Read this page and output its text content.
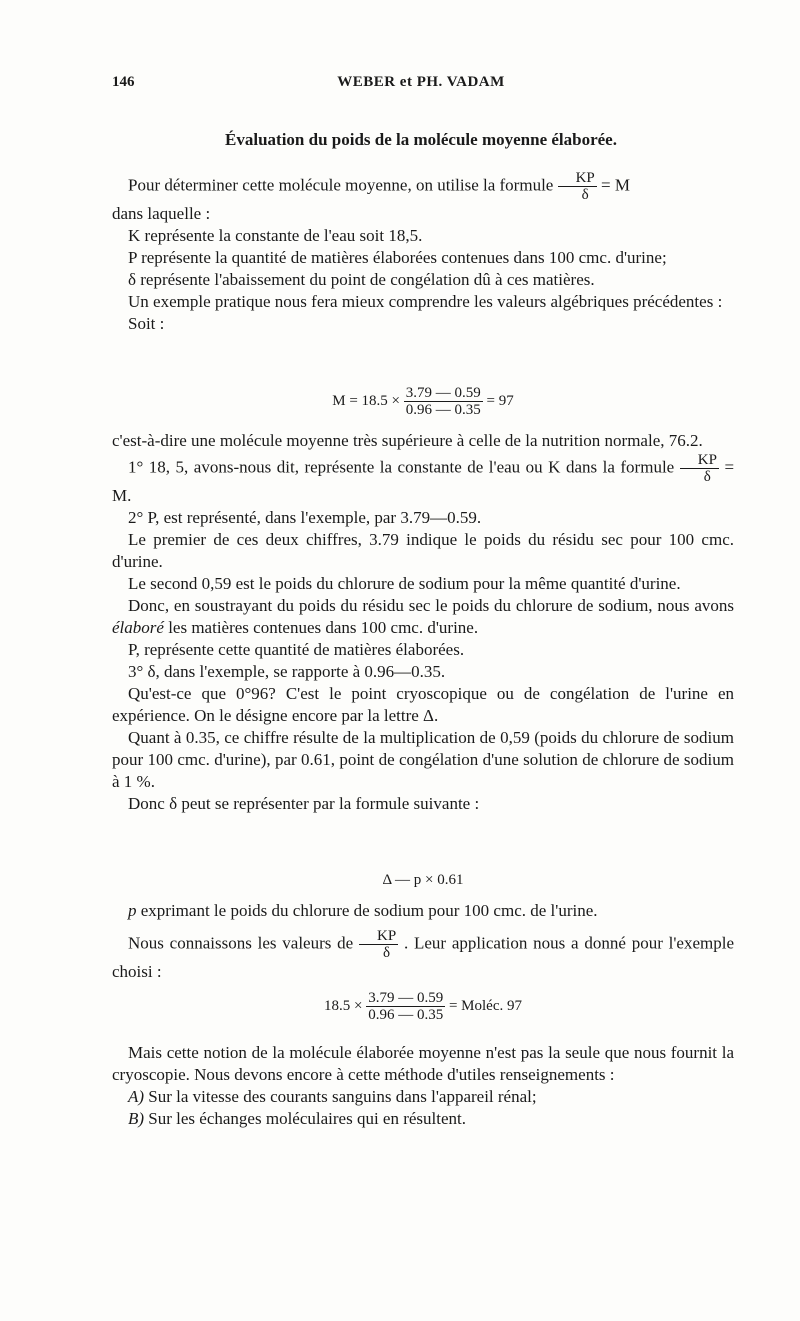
146	WEBER et PH. VADAM
Évaluation du poids de la molécule moyenne élaborée.

Pour déterminer cette molécule moyenne, on utilise la formule $\frac{KP}{\delta} = M$

dans laquelle :

K représente la constante de l'eau soit 18,5.

P représente la quantité de matières élaborées contenues dans 100 cmc. d'urine;

δ représente l'abaissement du point de congélation dû à ces matières.

Un exemple pratique nous fera mieux comprendre les valeurs algébriques précédentes :

Soit :

$M = 18.5 \times \frac{3.79 — 0.59}{0.96 — 0.35} = 97$

c'est-à-dire une molécule moyenne très supérieure à celle de la nutrition normale, 76.2.

1° 18, 5, avons-nous dit, représente la constante de l'eau ou K dans la formule $\frac{KP}{\delta} = M$.

2° P, est représenté, dans l'exemple, par 3.79—0.59.

Le premier de ces deux chiffres, 3.79 indique le poids du résidu sec pour 100 cmc. d'urine.

Le second 0,59 est le poids du chlorure de sodium pour la même quantité d'urine.

Donc, en soustrayant du poids du résidu sec le poids du chlorure de sodium, nous avons élaboré les matières contenues dans 100 cmc. d'urine.

P, représente cette quantité de matières élaborées.

3° δ, dans l'exemple, se rapporte à 0.96—0.35.

Qu'est-ce que 0°96? C'est le point cryoscopique ou de congélation de l'urine en expérience. On le désigne encore par la lettre Δ.

Quant à 0.35, ce chiffre résulte de la multiplication de 0,59 (poids du chlorure de sodium pour 100 cmc. d'urine), par 0.61, point de congélation d'une solution de chlorure de sodium à 1 %.

Donc δ peut se représenter par la formule suivante :

Δ — p × 0.61

p exprimant le poids du chlorure de sodium pour 100 cmc. de l'urine.

Nous connaissons les valeurs de $\frac{KP}{\delta}$ . Leur application nous a donné pour l'exemple choisi :

$18.5 \times \frac{3.79 — 0.59}{0.96 — 0.35}$ = Moléc. 97

Mais cette notion de la molécule élaborée moyenne n'est pas la seule que nous fournit la cryoscopie. Nous devons encore à cette méthode d'utiles renseignements :

A) Sur la vitesse des courants sanguins dans l'appareil rénal;

B) Sur les échanges moléculaires qui en résultent.
